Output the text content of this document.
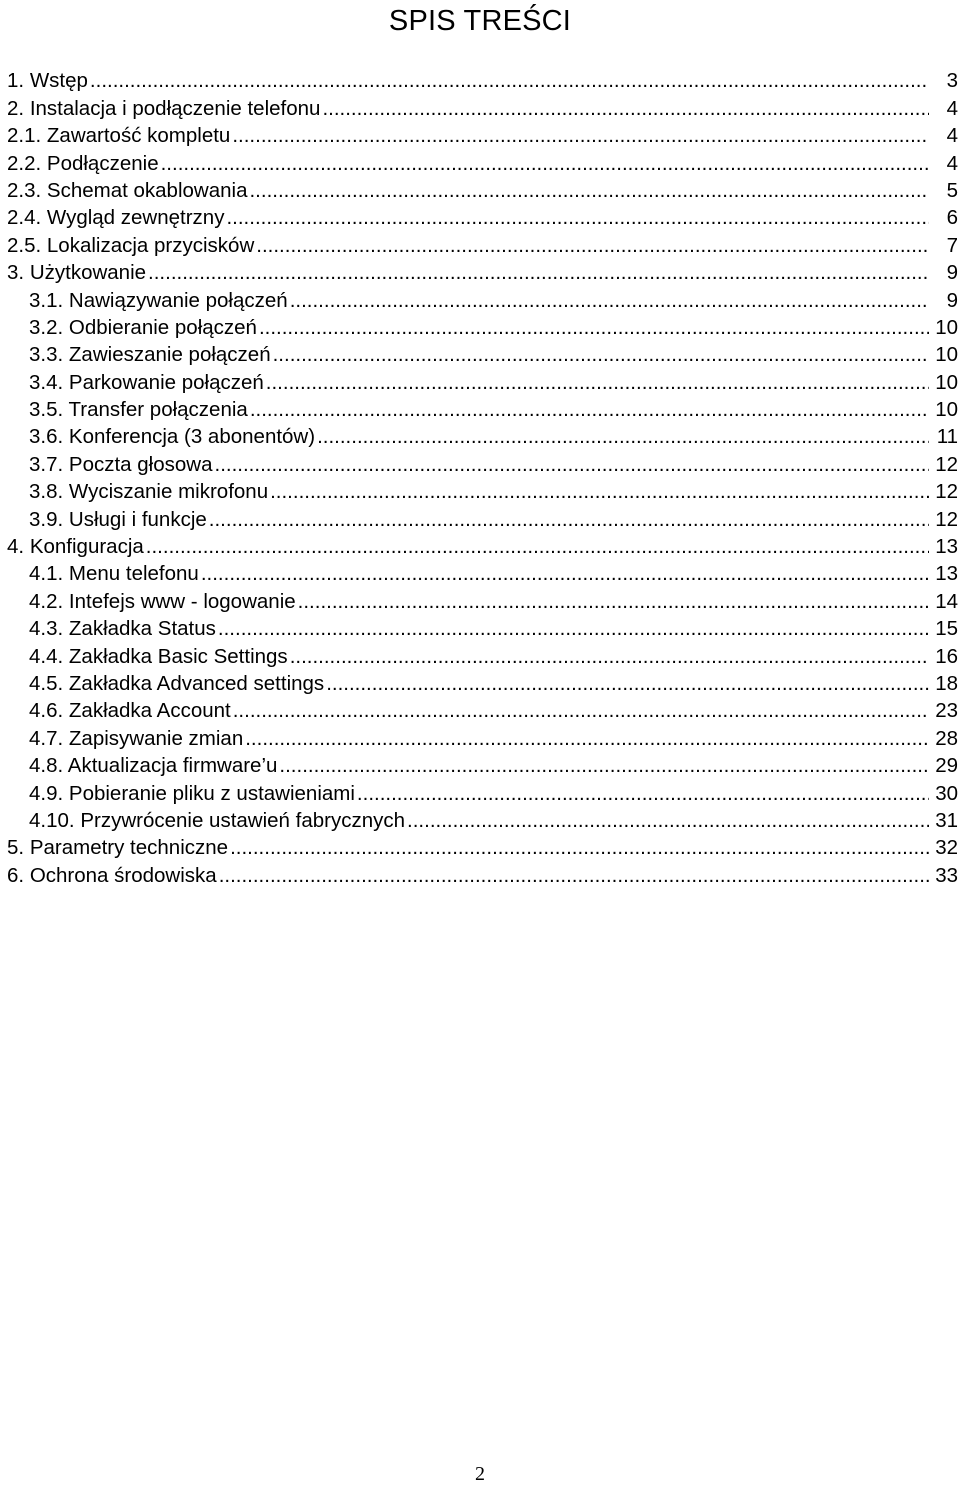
SPIS TREŚCI
1. Wstęp .....	3
2. Instalacja i podłączenie telefonu .....	4
2.1. Zawartość kompletu .....	4
2.2. Podłączenie .....	4
2.3. Schemat okablowania .....	5
2.4. Wygląd zewnętrzny .....	6
2.5. Lokalizacja przycisków .....	7
3. Użytkowanie .....	9
3.1. Nawiązywanie połączeń .....	9
3.2. Odbieranie połączeń .....	10
3.3. Zawieszanie połączeń .....	10
3.4. Parkowanie połączeń .....	10
3.5. Transfer połączenia .....	10
3.6. Konferencja (3 abonentów) .....	11
3.7. Poczta głosowa .....	12
3.8. Wyciszanie mikrofonu .....	12
3.9. Usługi i funkcje .....	12
4. Konfiguracja .....	13
4.1. Menu telefonu .....	13
4.2. Intefejs www - logowanie .....	14
4.3. Zakładka Status .....	15
4.4. Zakładka Basic Settings .....	16
4.5. Zakładka Advanced settings .....	18
4.6. Zakładka Account .....	23
4.7. Zapisywanie zmian .....	28
4.8. Aktualizacja firmware’u .....	29
4.9. Pobieranie pliku z ustawieniami .....	30
4.10. Przywrócenie ustawień fabrycznych .....	31
5. Parametry techniczne .....	32
6. Ochrona środowiska .....	33
2
